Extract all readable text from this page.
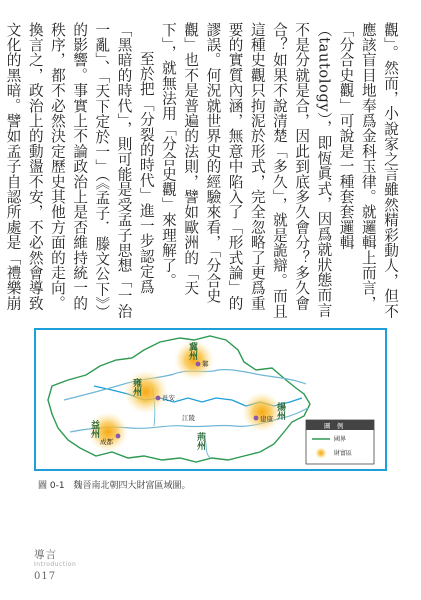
觀」。然而，小說家之言雖然精彩動人，但不應該盲目地奉爲金科玉律。就邏輯上而言，「分合史觀」可說是一種套套邏輯（tautology），即恆眞式，因爲就狀態而言不是分就是合，因此到底多久會分？多久會合？如果不說清楚「多久」，就是詭辯。而且這種史觀只拘泥於形式，完全忽略了更爲重要的實質內涵，無意中陷入了「形式論」的謬誤。何況就世界史的經驗來看，「分合史觀」也不是普遍的法則，譬如歐洲的「天下」，就無法用「分合史觀」來理解了。

至於把「分裂的時代」進一步認定爲「黑暗的時代」，則可能是受孟子思想「一治一亂」、「天下定於一」（《孟子．滕文公下》）的影響。事實上不論政治上是否維持統一的秩序，都不必然決定歷史其他方面的走向。換言之，政治上的動盪不安，不必然會導致文化的黑暗。譬如孟子自認所處是「禮樂崩

冀州
雍州
荊州
益州
揚州
鄴
長安
江陵
成都
建康
圖　例
國界
財富區
圖 0-1　魏晉南北朝四大財富區域圖。
導言
Introduction
017
